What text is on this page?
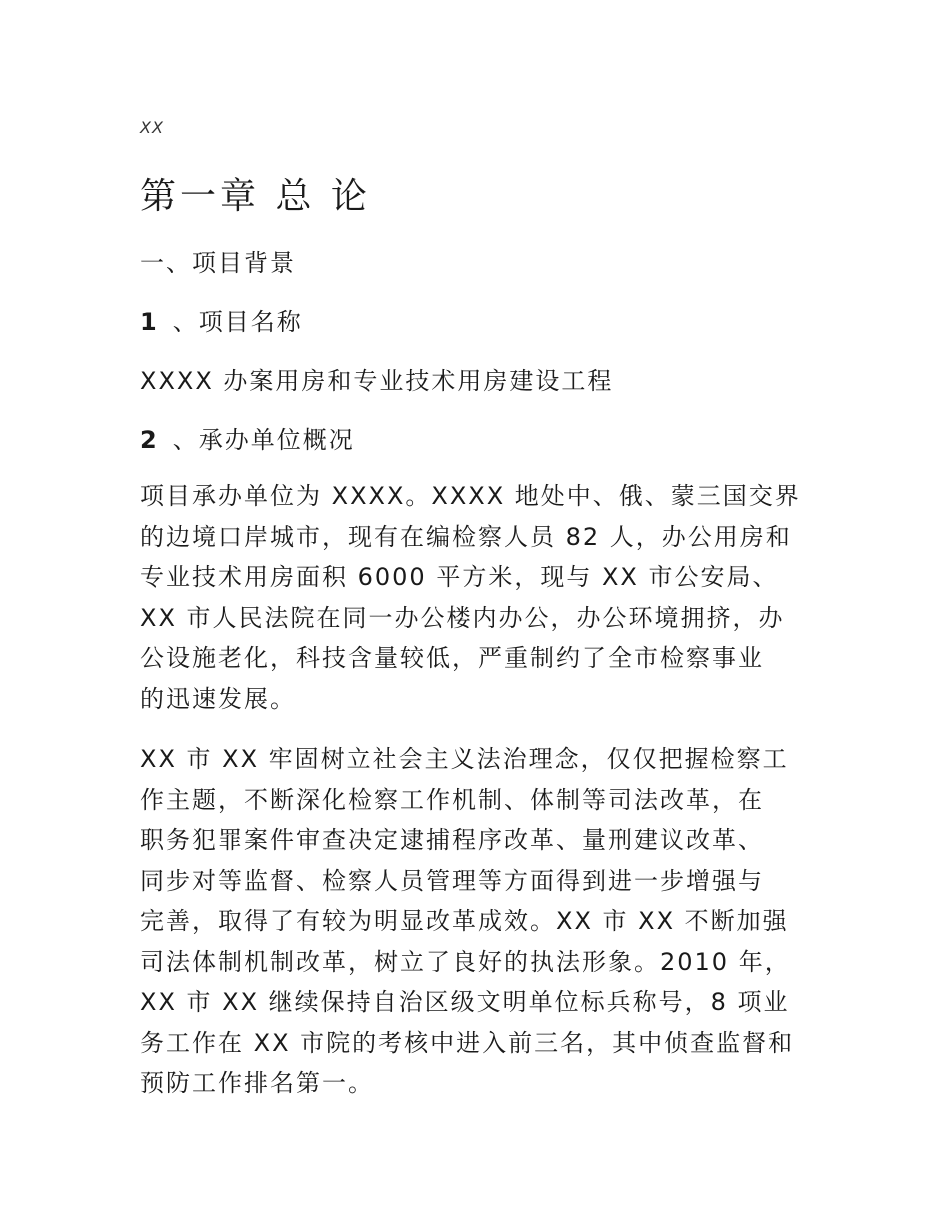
XX
第一章 总 论
一、项目背景
1 、项目名称
XXXX 办案用房和专业技术用房建设工程
2 、承办单位概况
项目承办单位为 XXXX。XXXX 地处中、俄、蒙三国交界
的边境口岸城市，现有在编检察人员 82 人，办公用房和
专业技术用房面积 6000 平方米，现与 XX 市公安局、
XX 市人民法院在同一办公楼内办公，办公环境拥挤，办
公设施老化，科技含量较低，严重制约了全市检察事业
的迅速发展。
XX 市 XX 牢固树立社会主义法治理念，仅仅把握检察工
作主题，不断深化检察工作机制、体制等司法改革，在
职务犯罪案件审查决定逮捕程序改革、量刑建议改革、
同步对等监督、检察人员管理等方面得到进一步增强与
完善，取得了有较为明显改革成效。XX 市 XX 不断加强
司法体制机制改革，树立了良好的执法形象。2010 年，
XX 市 XX 继续保持自治区级文明单位标兵称号，8 项业
务工作在 XX 市院的考核中进入前三名，其中侦查监督和
预防工作排名第一。
